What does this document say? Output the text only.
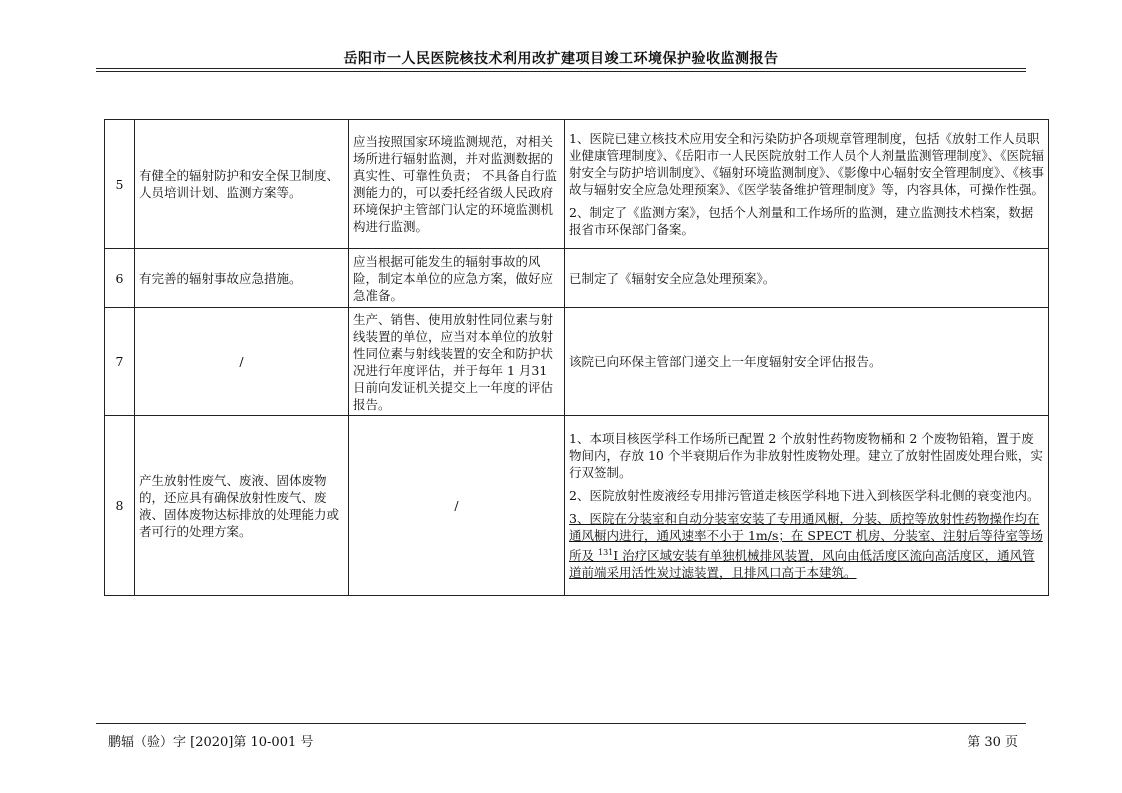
岳阳市一人民医院核技术利用改扩建项目竣工环境保护验收监测报告
5	有健全的辐射防护和安全保卫制度、人员培训计划、监测方案等。	应当按照国家环境监测规范，对相关场所进行辐射监测，并对监测数据的真实性、可靠性负责； 不具备自行监测能力的，可以委托经省级人民政府环境保护主管部门认定的环境监测机构进行监测。	1、医院已建立核技术应用安全和污染防护各项规章管理制度，包括《放射工作人员职业健康管理制度》、《岳阳市一人民医院放射工作人员个人剂量监测管理制度》、《医院辐射安全与防护培训制度》、《辐射环境监测制度》、《影像中心辐射安全管理制度》、《核事故与辐射安全应急处理预案》、《医学装备维护管理制度》等，内容具体，可操作性强。

2、制定了《监测方案》，包括个人剂量和工作场所的监测，建立监测技术档案，数据报省市环保部门备案。

6	有完善的辐射事故应急措施。	应当根据可能发生的辐射事故的风险，制定本单位的应急方案，做好应急准备。	已制定了《辐射安全应急处理预案》。

7	/	生产、销售、使用放射性同位素与射线装置的单位，应当对本单位的放射性同位素与射线装置的安全和防护状况进行年度评估，并于每年 1 月31 日前向发证机关提交上一年度的评估报告。	该院已向环保主管部门递交上一年度辐射安全评估报告。

8	产生放射性废气、废液、固体废物的，还应具有确保放射性废气、废液、固体废物达标排放的处理能力或者可行的处理方案。	/	1、本项目核医学科工作场所已配置 2 个放射性药物废物桶和 2 个废物铅箱，置于废物间内，存放 10 个半衰期后作为非放射性废物处理。建立了放射性固废处理台账，实行双签制。

2、医院放射性废液经专用排污管道走核医学科地下进入到核医学科北侧的衰变池内。

3、医院在分装室和自动分装室安装了专用通风橱，分装、质控等放射性药物操作均在通风橱内进行，通风速率不小于 1m/s；在 SPECT 机房、分装室、注射后等待室等场所及 $^{131}$I 治疗区域安装有单独机械排风装置，风向由低活度区流向高活度区，通风管道前端采用活性炭过滤装置，且排风口高于本建筑。

鹏辐（验）字 [2020]第 10-001 号	第 30 页
